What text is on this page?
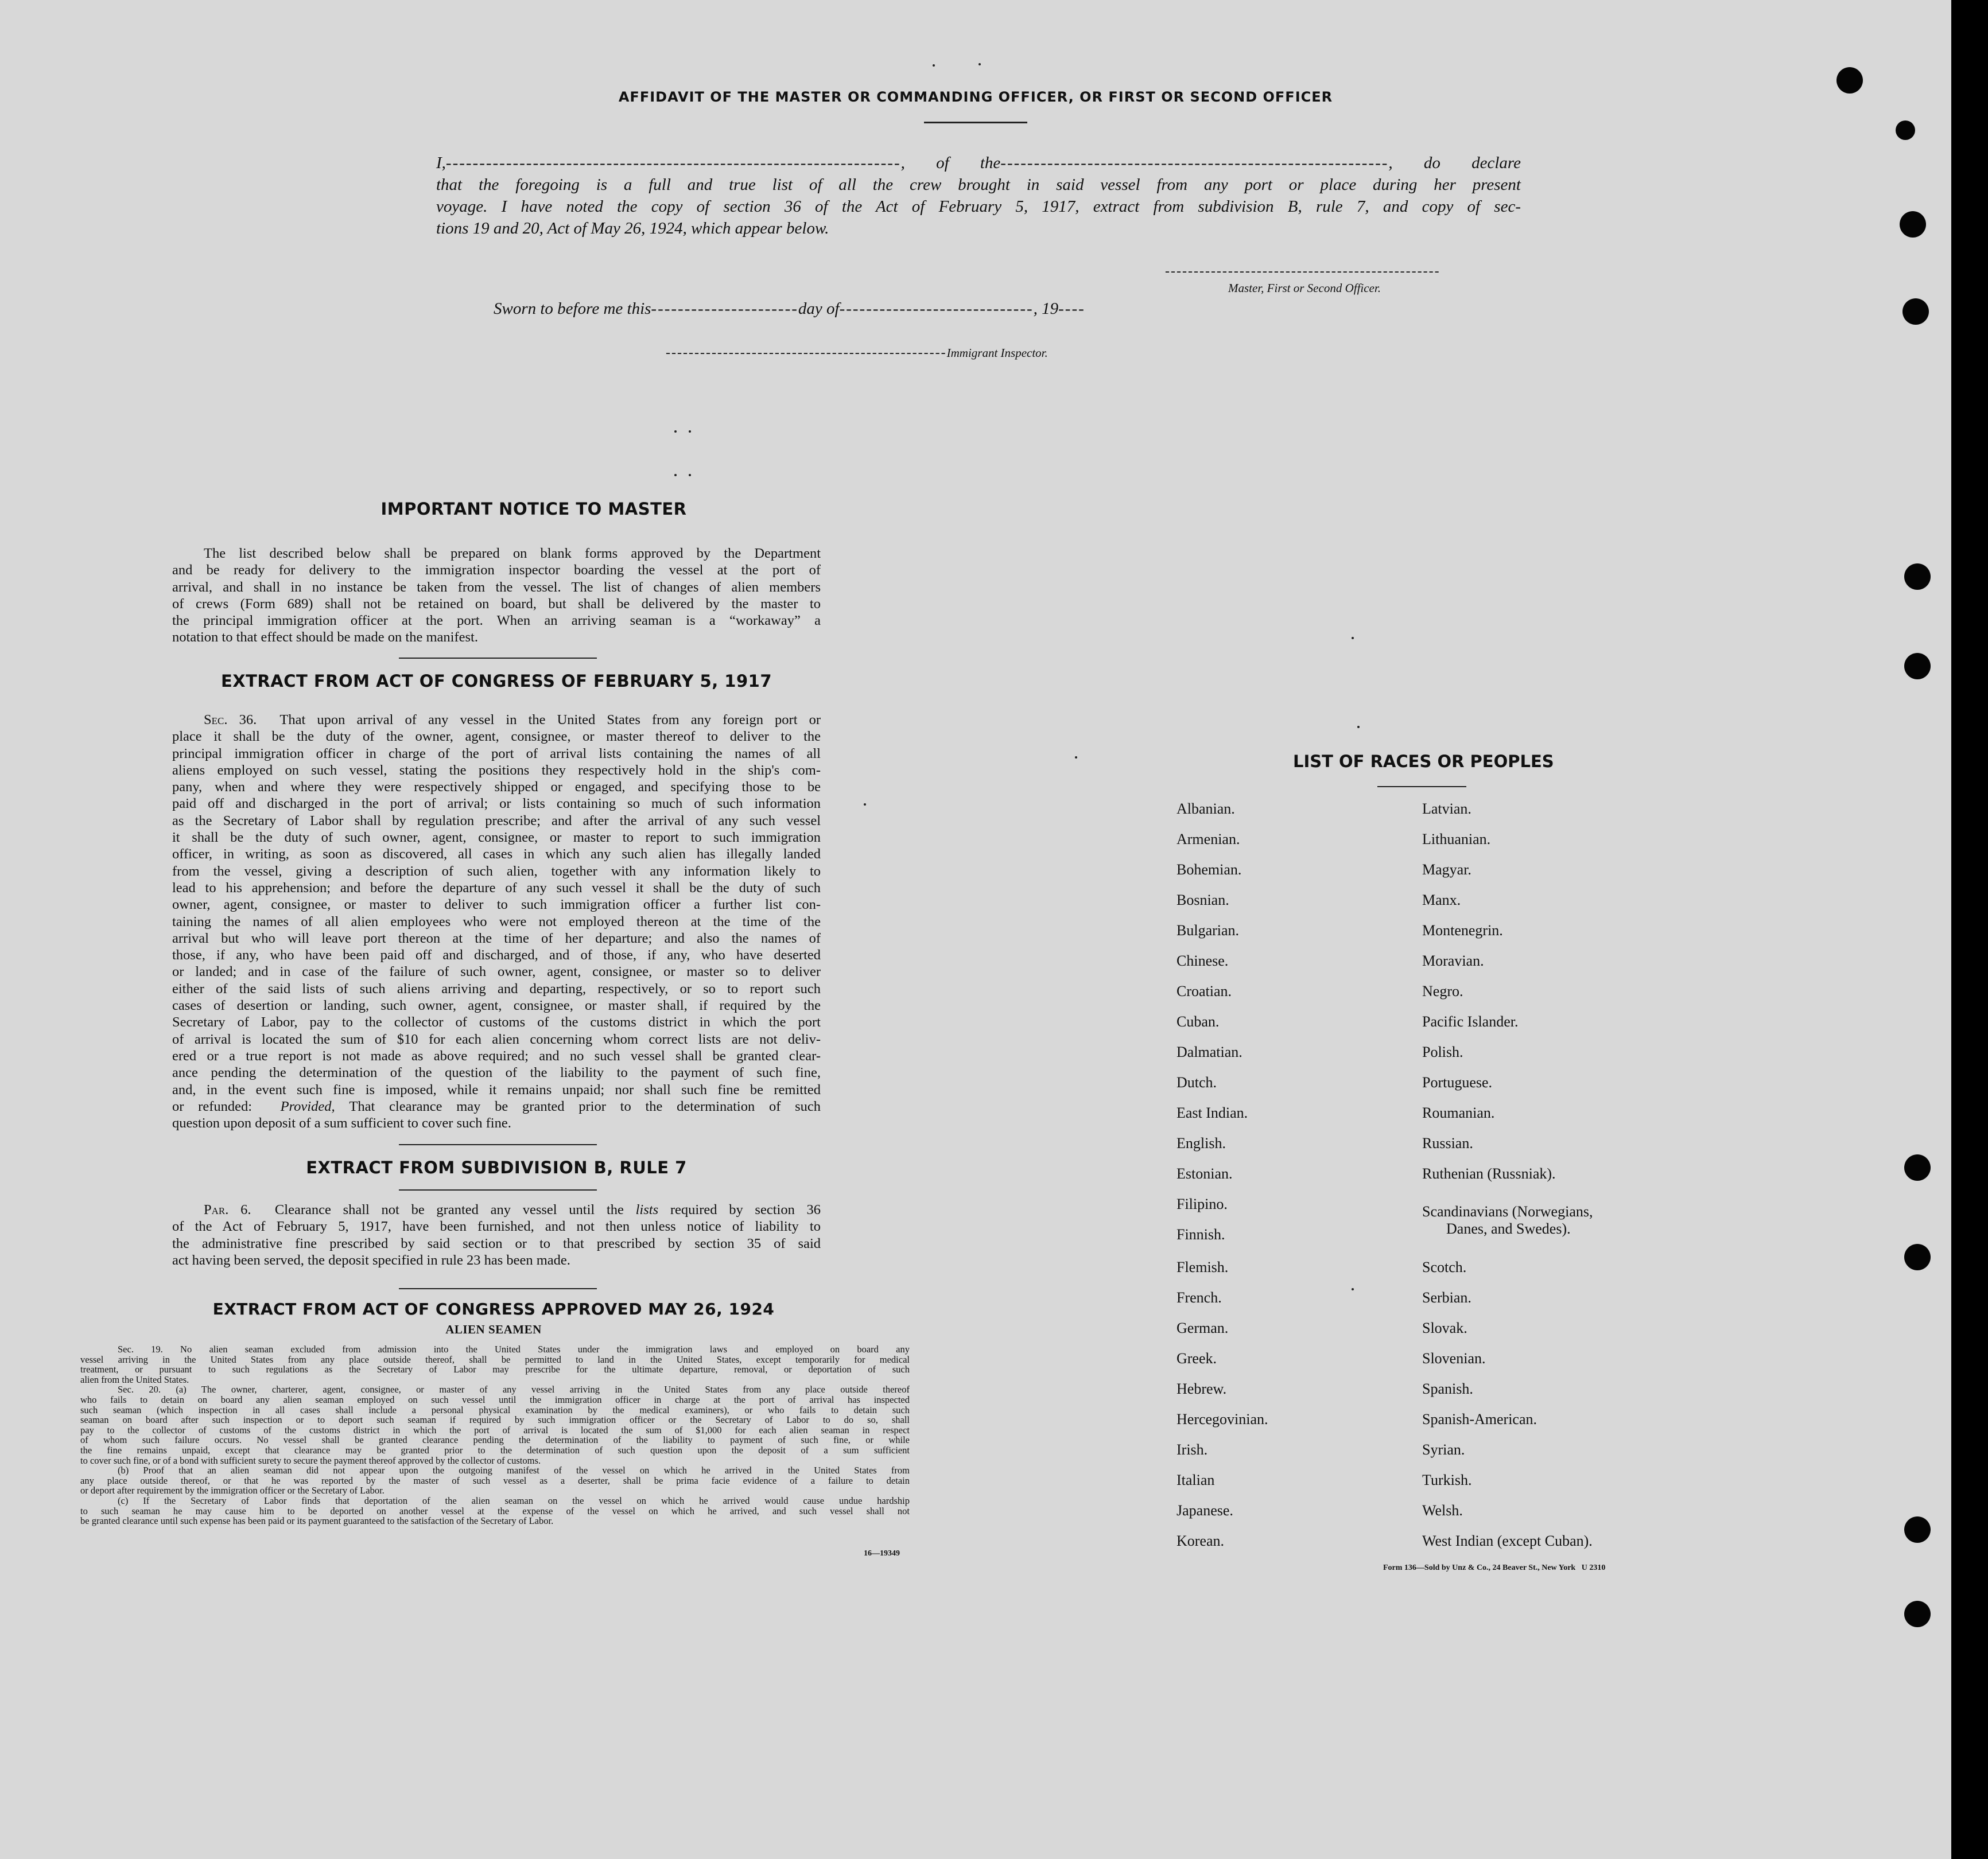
AFFIDAVIT OF THE MASTER OR COMMANDING OFFICER, OR FIRST OR SECOND OFFICER
I,--------------------------------------------------------------------, of the----------------------------------------------------------, do declare
that the foregoing is a full and true list of all the crew brought in said vessel from any port or place during her present
voyage. I have noted the copy of section 36 of the Act of February 5, 1917, extract from subdivision B, rule 7, and copy of sec-
tions 19 and 20, Act of May 26, 1924, which appear below.
------------------------------------------------
Master, First or Second Officer.
Sworn to before me this----------------------day of-----------------------------, 19----
-------------------------------------------------Immigrant Inspector.
IMPORTANT NOTICE TO MASTER
The list described below shall be prepared on blank forms approved by the Department
and be ready for delivery to the immigration inspector boarding the vessel at the port of
arrival, and shall in no instance be taken from the vessel. The list of changes of alien members
of crews (Form 689) shall not be retained on board, but shall be delivered by the master to
the principal immigration officer at the port. When an arriving seaman is a “workaway” a
notation to that effect should be made on the manifest.
EXTRACT FROM ACT OF CONGRESS OF FEBRUARY 5, 1917
Sec. 36. That upon arrival of any vessel in the United States from any foreign port or
place it shall be the duty of the owner, agent, consignee, or master thereof to deliver to the
principal immigration officer in charge of the port of arrival lists containing the names of all
aliens employed on such vessel, stating the positions they respectively hold in the ship's com-
pany, when and where they were respectively shipped or engaged, and specifying those to be
paid off and discharged in the port of arrival; or lists containing so much of such information
as the Secretary of Labor shall by regulation prescribe; and after the arrival of any such vessel
it shall be the duty of such owner, agent, consignee, or master to report to such immigration
officer, in writing, as soon as discovered, all cases in which any such alien has illegally landed
from the vessel, giving a description of such alien, together with any information likely to
lead to his apprehension; and before the departure of any such vessel it shall be the duty of such
owner, agent, consignee, or master to deliver to such immigration officer a further list con-
taining the names of all alien employees who were not employed thereon at the time of the
arrival but who will leave port thereon at the time of her departure; and also the names of
those, if any, who have been paid off and discharged, and of those, if any, who have deserted
or landed; and in case of the failure of such owner, agent, consignee, or master so to deliver
either of the said lists of such aliens arriving and departing, respectively, or so to report such
cases of desertion or landing, such owner, agent, consignee, or master shall, if required by the
Secretary of Labor, pay to the collector of customs of the customs district in which the port
of arrival is located the sum of $10 for each alien concerning whom correct lists are not deliv-
ered or a true report is not made as above required; and no such vessel shall be granted clear-
ance pending the determination of the question of the liability to the payment of such fine,
and, in the event such fine is imposed, while it remains unpaid; nor shall such fine be remitted
or refunded: Provided, That clearance may be granted prior to the determination of such
question upon deposit of a sum sufficient to cover such fine.
EXTRACT FROM SUBDIVISION B, RULE 7
Par. 6. Clearance shall not be granted any vessel until the lists required by section 36
of the Act of February 5, 1917, have been furnished, and not then unless notice of liability to
the administrative fine prescribed by said section or to that prescribed by section 35 of said
act having been served, the deposit specified in rule 23 has been made.
EXTRACT FROM ACT OF CONGRESS APPROVED MAY 26, 1924
ALIEN SEAMEN
Sec. 19. No alien seaman excluded from admission into the United States under the immigration laws and employed on board any
vessel arriving in the United States from any place outside thereof, shall be permitted to land in the United States, except temporarily for medical
treatment, or pursuant to such regulations as the Secretary of Labor may prescribe for the ultimate departure, removal, or deportation of such
alien from the United States.
Sec. 20. (a) The owner, charterer, agent, consignee, or master of any vessel arriving in the United States from any place outside thereof
who fails to detain on board any alien seaman employed on such vessel until the immigration officer in charge at the port of arrival has inspected
such seaman (which inspection in all cases shall include a personal physical examination by the medical examiners), or who fails to detain such
seaman on board after such inspection or to deport such seaman if required by such immigration officer or the Secretary of Labor to do so, shall
pay to the collector of customs of the customs district in which the port of arrival is located the sum of $1,000 for each alien seaman in respect
of whom such failure occurs. No vessel shall be granted clearance pending the determination of the liability to payment of such fine, or while
the fine remains unpaid, except that clearance may be granted prior to the determination of such question upon the deposit of a sum sufficient
to cover such fine, or of a bond with sufficient surety to secure the payment thereof approved by the collector of customs.
(b) Proof that an alien seaman did not appear upon the outgoing manifest of the vessel on which he arrived in the United States from
any place outside thereof, or that he was reported by the master of such vessel as a deserter, shall be prima facie evidence of a failure to detain
or deport after requirement by the immigration officer or the Secretary of Labor.
(c) If the Secretary of Labor finds that deportation of the alien seaman on the vessel on which he arrived would cause undue hardship
to such seaman he may cause him to be deported on another vessel at the expense of the vessel on which he arrived, and such vessel shall not
be granted clearance until such expense has been paid or its payment guaranteed to the satisfaction of the Secretary of Labor.
16—19349
LIST OF RACES OR PEOPLES
Albanian.
Armenian.
Bohemian.
Bosnian.
Bulgarian.
Chinese.
Croatian.
Cuban.
Dalmatian.
Dutch.
East Indian.
English.
Estonian.
Filipino.
Finnish.
Flemish.
French.
German.
Greek.
Hebrew.
Hercegovinian.
Irish.
Italian
Japanese.
Korean.
Latvian.
Lithuanian.
Magyar.
Manx.
Montenegrin.
Moravian.
Negro.
Pacific Islander.
Polish.
Portuguese.
Roumanian.
Russian.
Ruthenian (Russniak).
Scandinavians (Norwegians,
Danes, and Swedes).
Scotch.
Serbian.
Slovak.
Slovenian.
Spanish.
Spanish-American.
Syrian.
Turkish.
Welsh.
West Indian (except Cuban).
Form 136—Sold by Unz & Co., 24 Beaver St., New York   U 2310
